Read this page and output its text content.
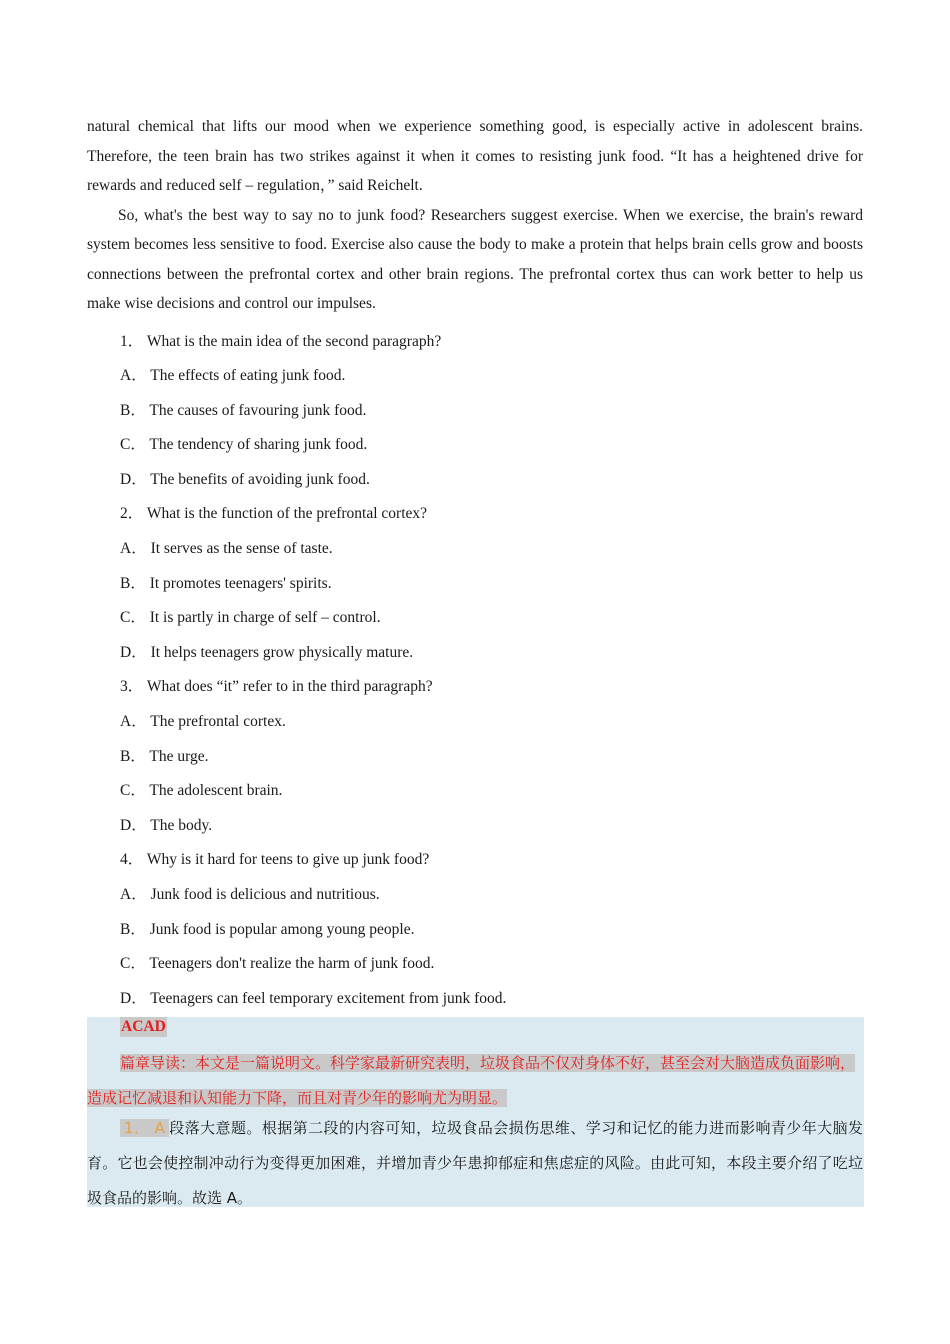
natural chemical that lifts our mood when we experience something good, is especially active in adolescent brains. Therefore, the teen brain has two strikes against it when it comes to resisting junk food. “It has a heightened drive for rewards and reduced self – regulation，” said Reichelt.

So, what's the best way to say no to junk food? Researchers suggest exercise. When we exercise, the brain's reward system becomes less sensitive to food. Exercise also cause the body to make a protein that helps brain cells grow and boosts connections between the prefrontal cortex and other brain regions. The prefrontal cortex thus can work better to help us make wise decisions and control our impulses.

1． What is the main idea of the second paragraph?
A． The effects of eating junk food.
B． The causes of favouring junk food.
C． The tendency of sharing junk food.
D． The benefits of avoiding junk food.
2． What is the function of the prefrontal cortex?
A． It serves as the sense of taste.
B． It promotes teenagers' spirits.
C． It is partly in charge of self – control.
D． It helps teenagers grow physically mature.
3． What does “it” refer to in the third paragraph?
A． The prefrontal cortex.
B． The urge.
C． The adolescent brain.
D． The body.
4． Why is it hard for teens to give up junk food?
A． Junk food is delicious and nutritious.
B． Junk food is popular among young people.
C． Teenagers don't realize the harm of junk food.
D． Teenagers can feel temporary excitement from junk food.
ACAD
篇章导读：本文是一篇说明文。科学家最新研究表明，垃圾食品不仅对身体不好，甚至会对大脑造成负面影响，造成记忆减退和认知能力下降，而且对青少年的影响尤为明显。
1． A 段落大意题。根据第二段的内容可知，垃圾食品会损伤思维、学习和记忆的能力进而影响青少年大脑发育。它也会使控制冲动行为变得更加困难，并增加青少年患抑郁症和焦虑症的风险。由此可知，本段主要介绍了吃垃圾食品的影响。故选 A。
